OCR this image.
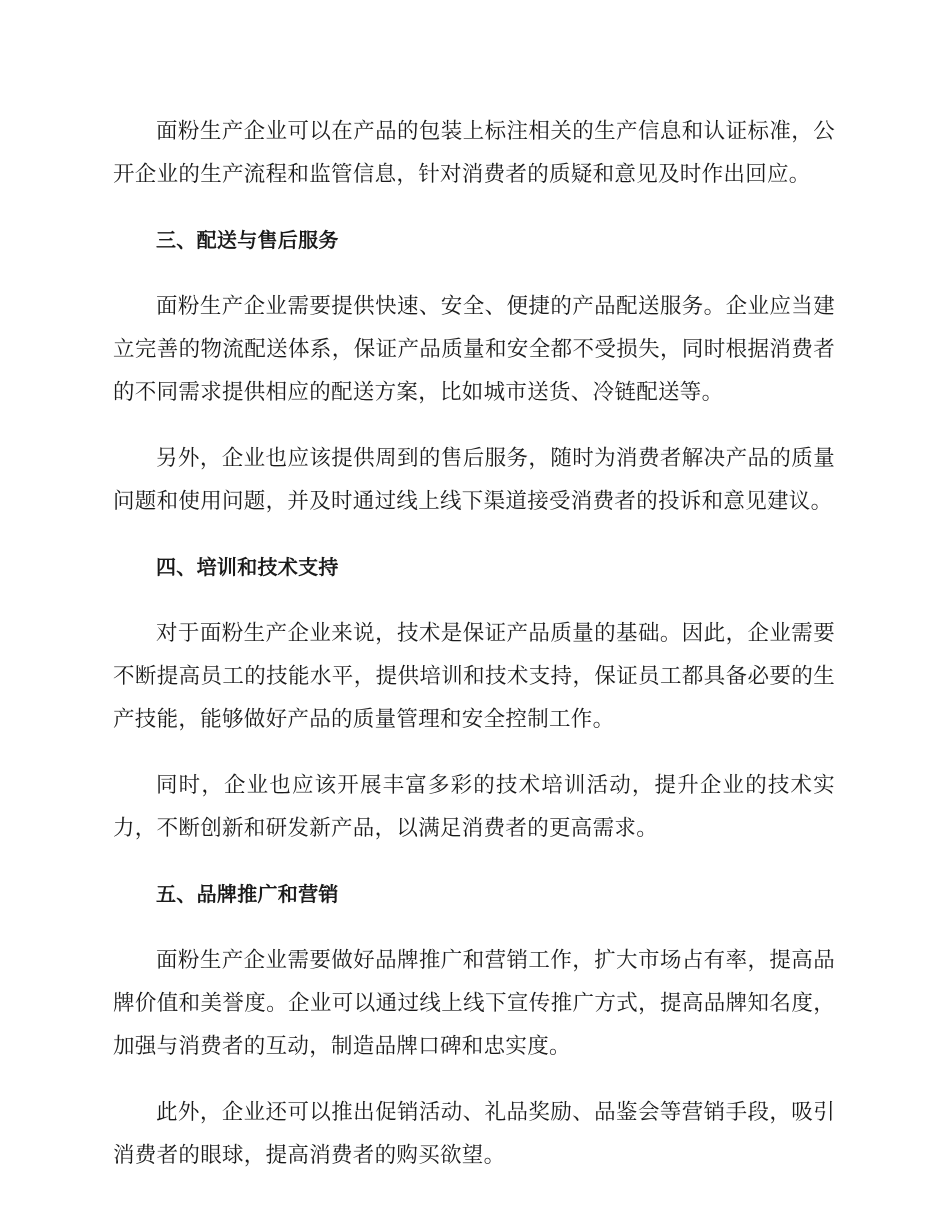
面粉生产企业可以在产品的包装上标注相关的生产信息和认证标准，公开企业的生产流程和监管信息，针对消费者的质疑和意见及时作出回应。

三、配送与售后服务

面粉生产企业需要提供快速、安全、便捷的产品配送服务。企业应当建立完善的物流配送体系，保证产品质量和安全都不受损失，同时根据消费者的不同需求提供相应的配送方案，比如城市送货、冷链配送等。

另外，企业也应该提供周到的售后服务，随时为消费者解决产品的质量问题和使用问题，并及时通过线上线下渠道接受消费者的投诉和意见建议。

四、培训和技术支持

对于面粉生产企业来说，技术是保证产品质量的基础。因此，企业需要不断提高员工的技能水平，提供培训和技术支持，保证员工都具备必要的生产技能，能够做好产品的质量管理和安全控制工作。

同时，企业也应该开展丰富多彩的技术培训活动，提升企业的技术实力，不断创新和研发新产品，以满足消费者的更高需求。

五、品牌推广和营销

面粉生产企业需要做好品牌推广和营销工作，扩大市场占有率，提高品牌价值和美誉度。企业可以通过线上线下宣传推广方式，提高品牌知名度，加强与消费者的互动，制造品牌口碑和忠实度。

此外，企业还可以推出促销活动、礼品奖励、品鉴会等营销手段，吸引消费者的眼球，提高消费者的购买欲望。
